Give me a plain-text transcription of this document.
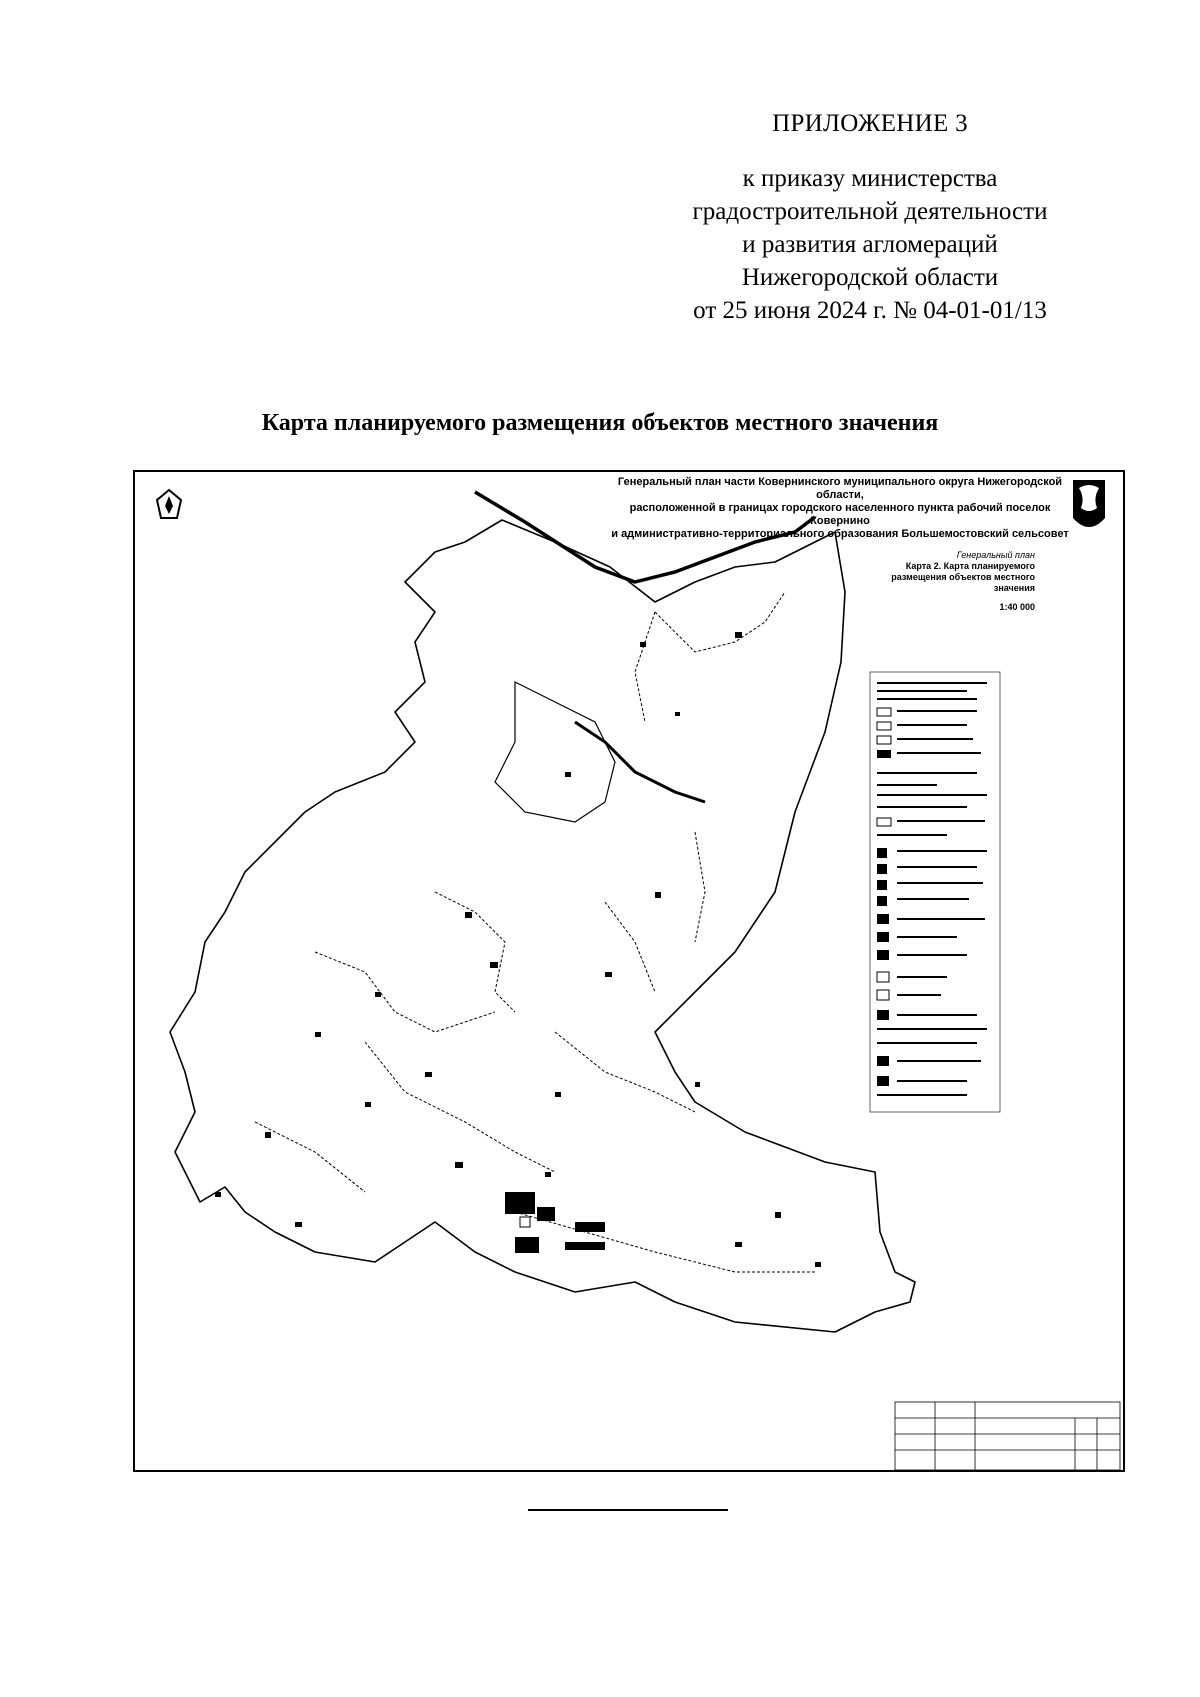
ПРИЛОЖЕНИЕ 3
к приказу министерства
градостроительной деятельности
и развития агломераций
Нижегородской области
от 25 июня 2024 г. № 04-01-01/13
Карта планируемого размещения объектов местного значения
Генеральный план части Ковернинского муниципального округа Нижегородской области,
расположенной в границах городского населенного пункта рабочий поселок Ковернино
и административно-территориального образования Большемостовский сельсовет
Генеральный план
Карта 2. Карта планируемого размещения объектов местного значения
1:40 000
